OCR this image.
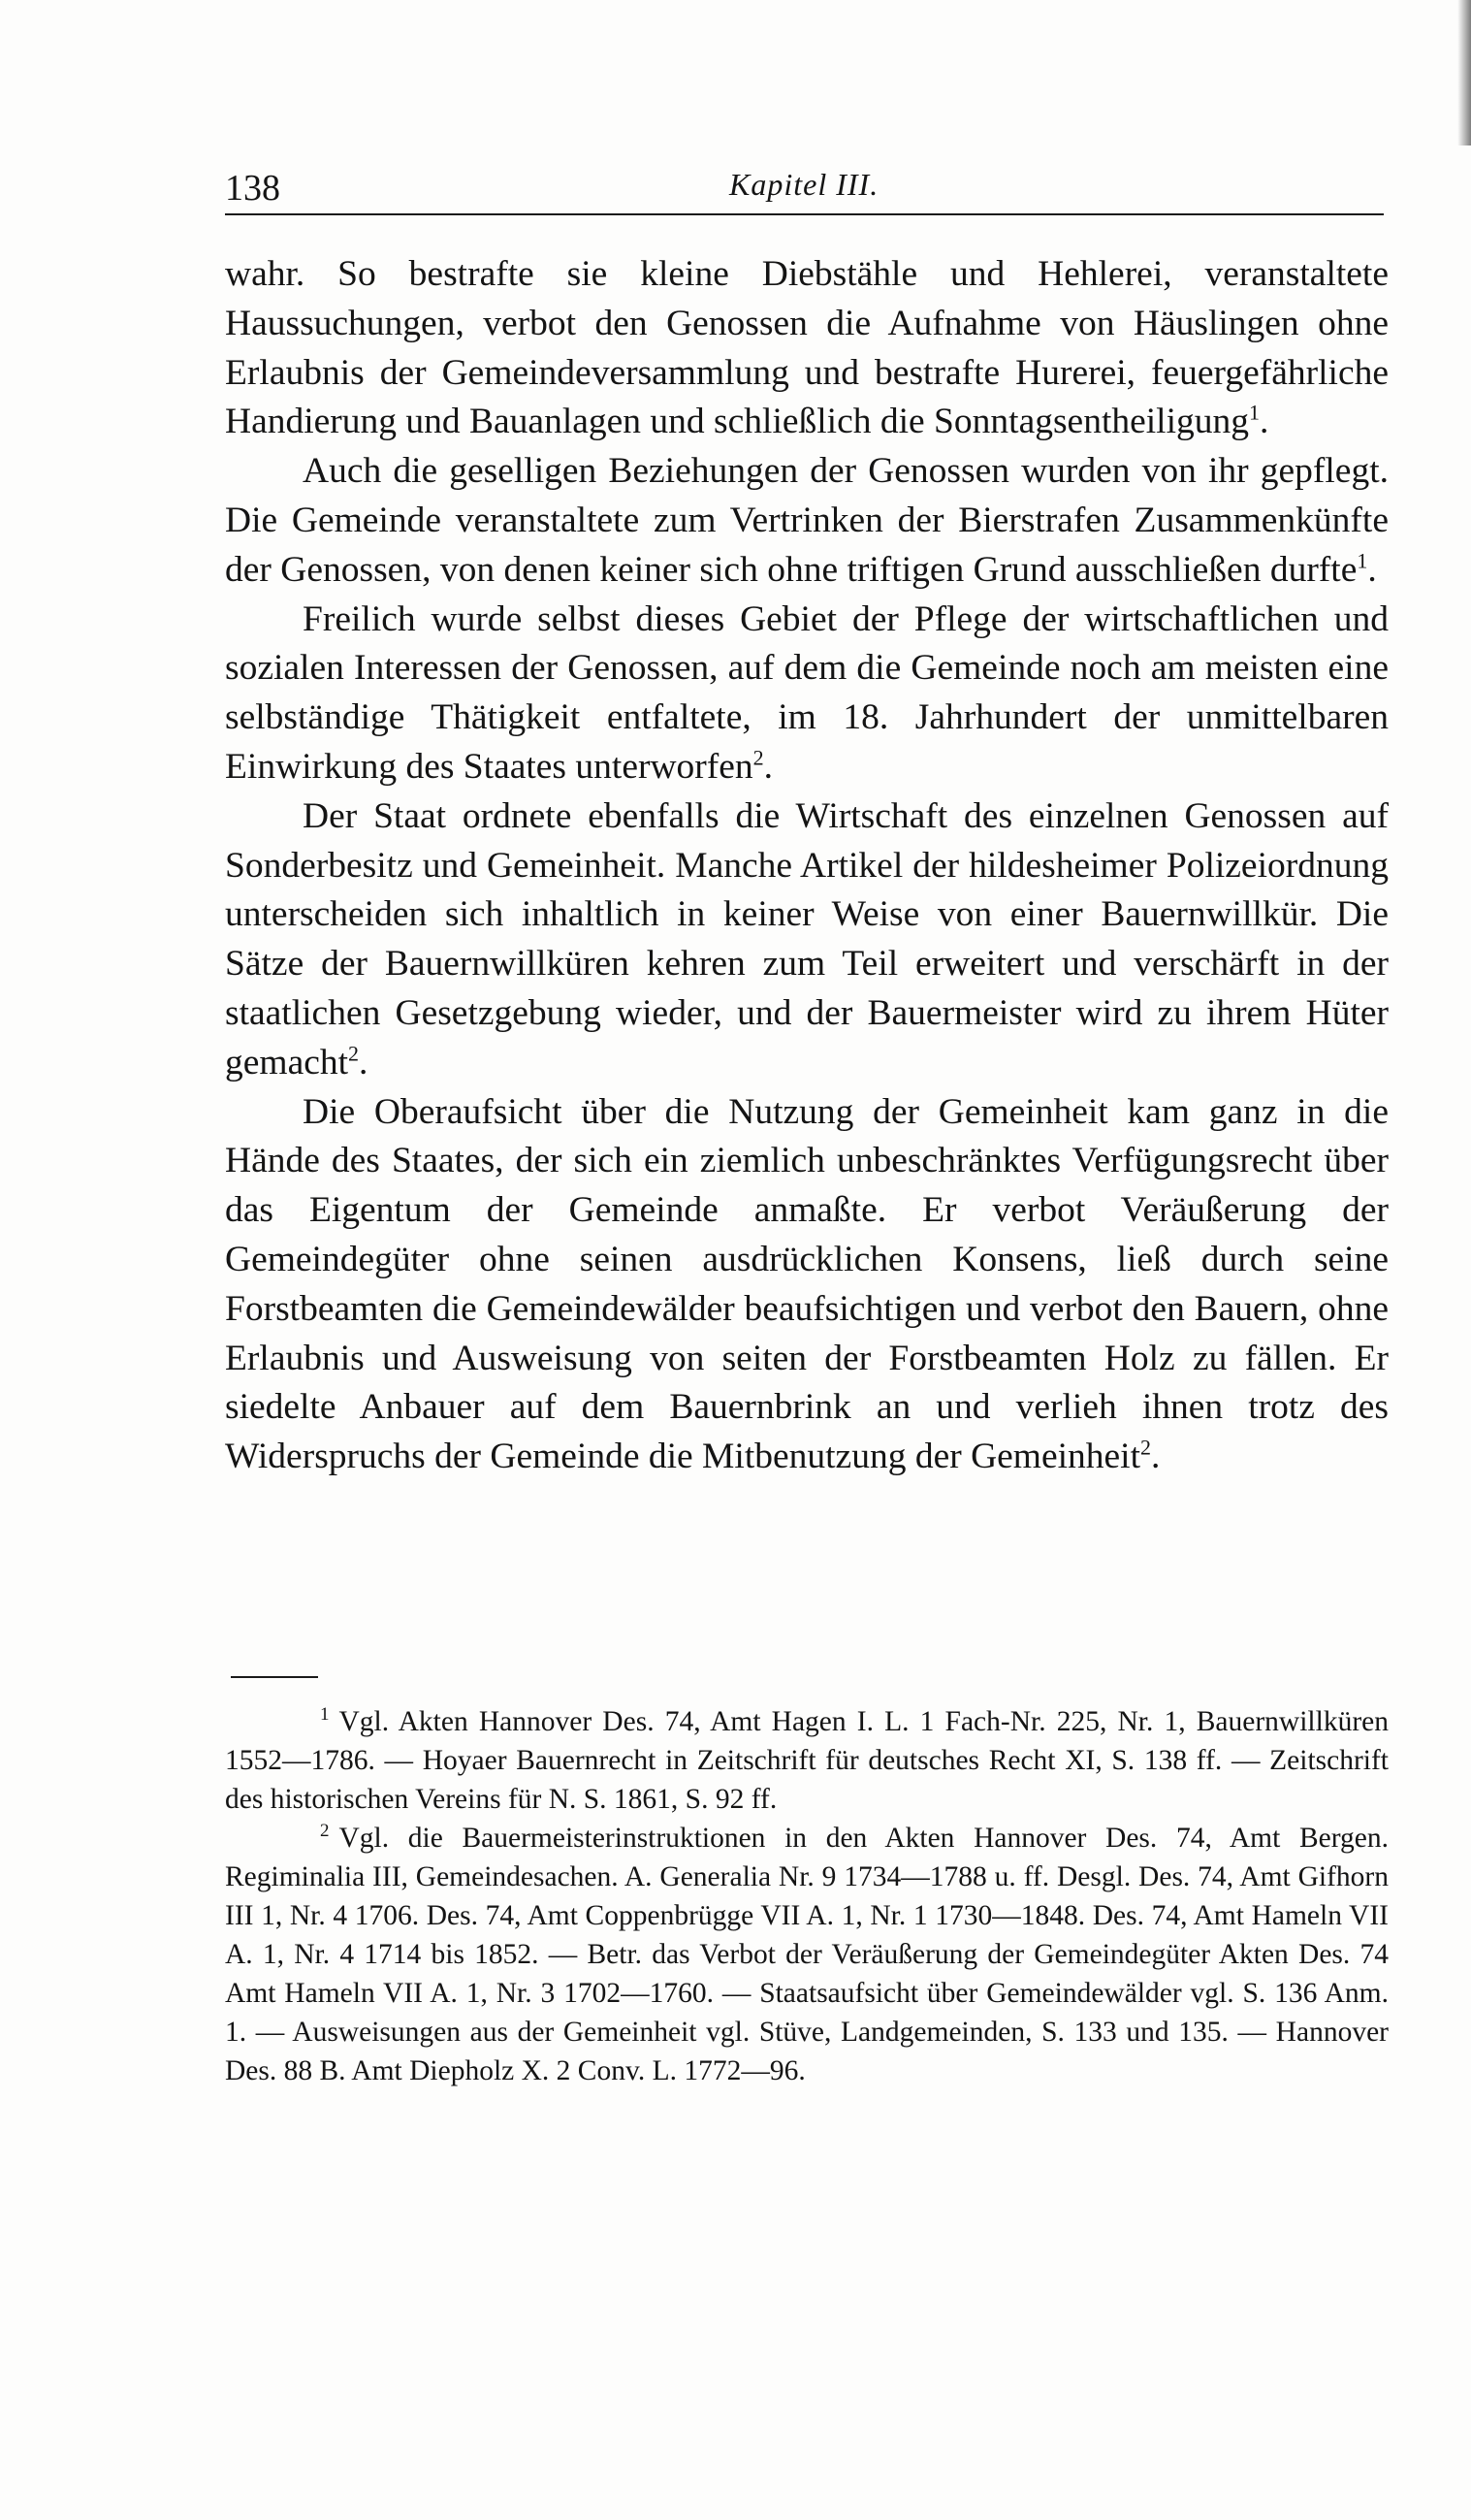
138	Kapitel III.

wahr. So bestrafte sie kleine Diebstähle und Hehlerei, veranstaltete Haussuchungen, verbot den Genossen die Aufnahme von Häuslingen ohne Erlaubnis der Gemeindeversammlung und bestrafte Hurerei, feuergefährliche Handierung und Bauanlagen und schließlich die Sonntagsentheiligung$^1$.

Auch die geselligen Beziehungen der Genossen wurden von ihr gepflegt. Die Gemeinde veranstaltete zum Vertrinken der Bierstrafen Zusammenkünfte der Genossen, von denen keiner sich ohne triftigen Grund ausschließen durfte$^1$.

Freilich wurde selbst dieses Gebiet der Pflege der wirtschaftlichen und sozialen Interessen der Genossen, auf dem die Gemeinde noch am meisten eine selbständige Thätigkeit entfaltete, im 18. Jahrhundert der unmittelbaren Einwirkung des Staates unterworfen$^2$.

Der Staat ordnete ebenfalls die Wirtschaft des einzelnen Genossen auf Sonderbesitz und Gemeinheit. Manche Artikel der hildesheimer Polizeiordnung unterscheiden sich inhaltlich in keiner Weise von einer Bauernwillkür. Die Sätze der Bauernwillküren kehren zum Teil erweitert und verschärft in der staatlichen Gesetzgebung wieder, und der Bauermeister wird zu ihrem Hüter gemacht$^2$.

Die Oberaufsicht über die Nutzung der Gemeinheit kam ganz in die Hände des Staates, der sich ein ziemlich unbeschränktes Verfügungsrecht über das Eigentum der Gemeinde anmaßte. Er verbot Veräußerung der Gemeindegüter ohne seinen ausdrücklichen Konsens, ließ durch seine Forstbeamten die Gemeindewälder beaufsichtigen und verbot den Bauern, ohne Erlaubnis und Ausweisung von seiten der Forstbeamten Holz zu fällen. Er siedelte Anbauer auf dem Bauernbrink an und verlieh ihnen trotz des Widerspruchs der Gemeinde die Mitbenutzung der Gemeinheit$^2$.

$^1$ Vgl. Akten Hannover Des. 74, Amt Hagen I. L. 1 Fach-Nr. 225, Nr. 1, Bauernwillküren 1552—1786. — Hoyaer Bauernrecht in Zeitschrift für deutsches Recht XI, S. 138 ff. — Zeitschrift des historischen Vereins für N. S. 1861, S. 92 ff.

$^2$ Vgl. die Bauermeisterinstruktionen in den Akten Hannover Des. 74, Amt Bergen. Regiminalia III, Gemeindesachen. A. Generalia Nr. 9 1734—1788 u. ff. Desgl. Des. 74, Amt Gifhorn III 1, Nr. 4 1706. Des. 74, Amt Coppenbrügge VII A. 1, Nr. 1 1730—1848. Des. 74, Amt Hameln VII A. 1, Nr. 4 1714 bis 1852. — Betr. das Verbot der Veräußerung der Gemeindegüter Akten Des. 74 Amt Hameln VII A. 1, Nr. 3 1702—1760. — Staatsaufsicht über Gemeindewälder vgl. S. 136 Anm. 1. — Ausweisungen aus der Gemeinheit vgl. Stüve, Landgemeinden, S. 133 und 135. — Hannover Des. 88 B. Amt Diepholz X. 2 Conv. L. 1772—96.
